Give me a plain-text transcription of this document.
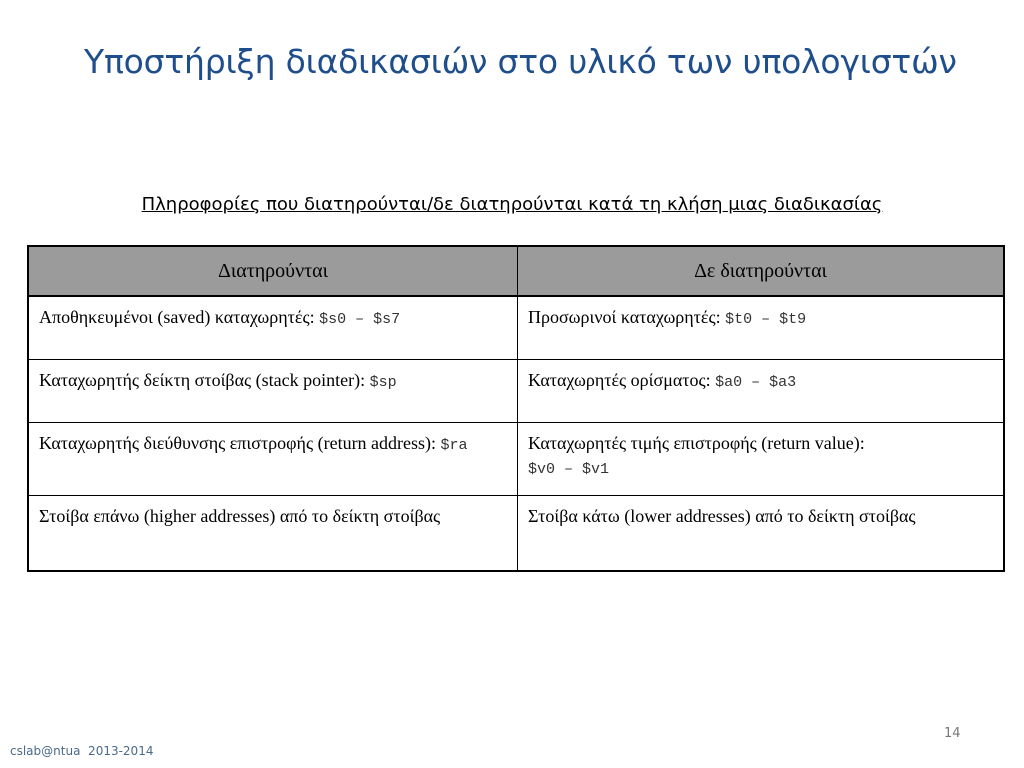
Υποστήριξη διαδικασιών στο υλικό των υπολογιστών
Πληροφορίες που διατηρούνται/δε διατηρούνται κατά τη κλήση μιας διαδικασίας
Διατηρούνται	Δε διατηρούνται
Αποθηκευμένοι (saved) καταχωρητές: $s0 – $s7	Προσωρινοί καταχωρητές: $t0 – $t9
Καταχωρητής δείκτη στοίβας (stack pointer): $sp	Καταχωρητές ορίσματος: $a0 – $a3
Καταχωρητής διεύθυνσης επιστροφής (return address): $ra	Καταχωρητές τιμής επιστροφής (return value):
$v0 – $v1
Στοίβα επάνω (higher addresses) από το δείκτη στοίβας	Στοίβα κάτω (lower addresses) από το δείκτη στοίβας
14
cslab@ntua  2013-2014
